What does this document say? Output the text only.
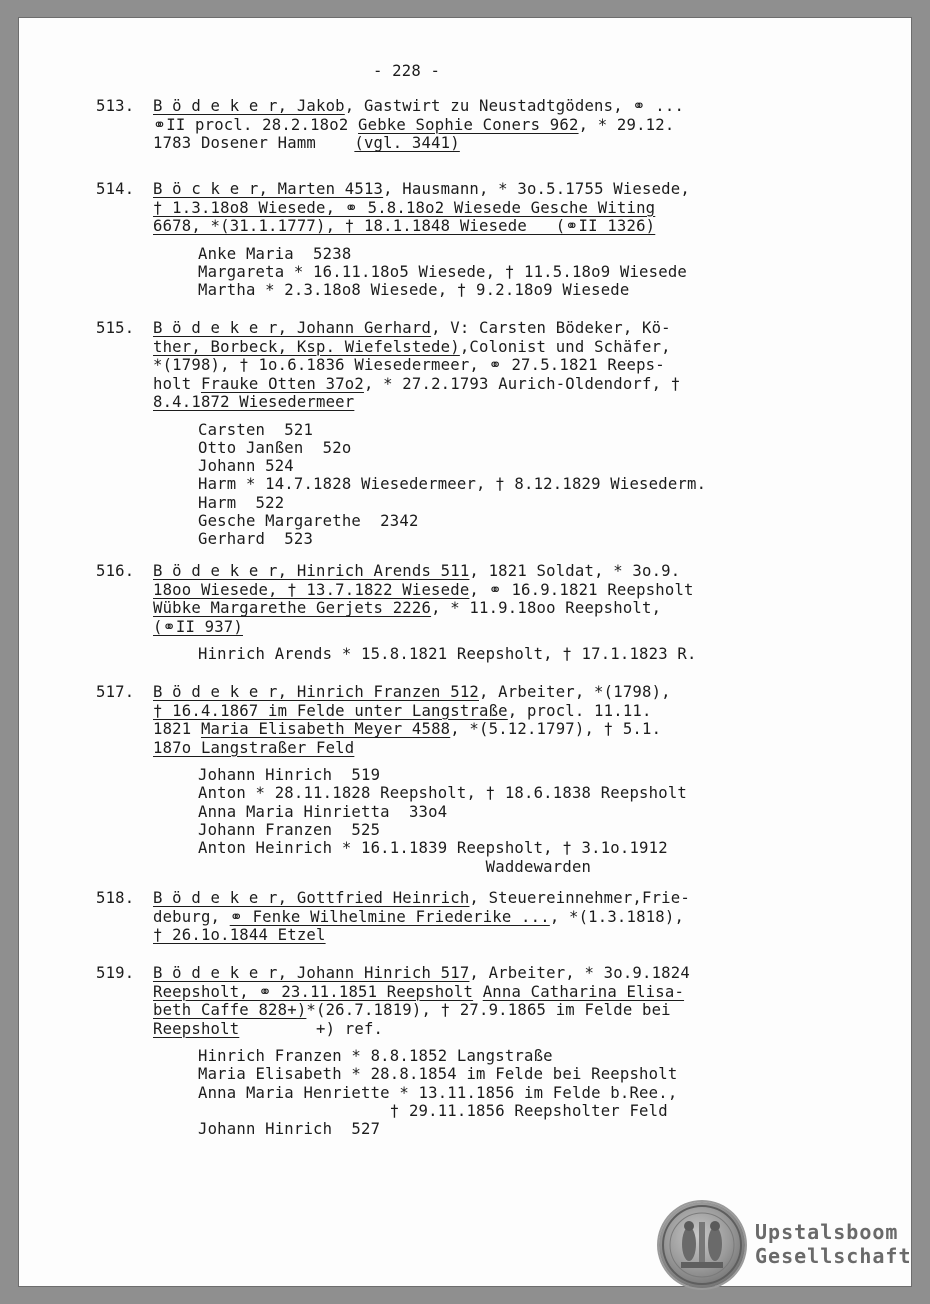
- 228 -
513. B ö d e k e r, Jakob, Gastwirt zu Neustadtgödens, ⚭ ...
⚭II procl. 28.2.18o2 Gebke Sophie Coners 962, * 29.12.
1783 Dosener Hamm    (vgl. 3441)
514. B ö c k e r, Marten 4513, Hausmann, * 3o.5.1755 Wiesede,
† 1.3.18o8 Wiesede, ⚭ 5.8.18o2 Wiesede Gesche Witing
6678, *(31.1.1777), † 18.1.1848 Wiesede   (⚭II 1326)
Anke Maria  5238
Margareta * 16.11.18o5 Wiesede, † 11.5.18o9 Wiesede
Martha * 2.3.18o8 Wiesede, † 9.2.18o9 Wiesede
515. B ö d e k e r, Johann Gerhard, V: Carsten Bödeker, Kö-
ther, Borbeck, Ksp. Wiefelstede),Colonist und Schäfer,
*(1798), † 1o.6.1836 Wiesedermeer, ⚭ 27.5.1821 Reeps-
holt Frauke Otten 37o2, * 27.2.1793 Aurich-Oldendorf, †
8.4.1872 Wiesedermeer
Carsten  521
Otto Janßen  52o
Johann 524
Harm * 14.7.1828 Wiesedermeer, † 8.12.1829 Wiesederm.
Harm  522
Gesche Margarethe  2342
Gerhard  523
516. B ö d e k e r, Hinrich Arends 511, 1821 Soldat, * 3o.9.
18oo Wiesede, † 13.7.1822 Wiesede, ⚭ 16.9.1821 Reepsholt
Wübke Margarethe Gerjets 2226, * 11.9.18oo Reepsholt,
(⚭II 937)
Hinrich Arends * 15.8.1821 Reepsholt, † 17.1.1823 R.
517. B ö d e k e r, Hinrich Franzen 512, Arbeiter, *(1798),
† 16.4.1867 im Felde unter Langstraße, procl. 11.11.
1821 Maria Elisabeth Meyer 4588, *(5.12.1797), † 5.1.
187o Langstraßer Feld
Johann Hinrich  519
Anton * 28.11.1828 Reepsholt, † 18.6.1838 Reepsholt
Anna Maria Hinrietta  33o4
Johann Franzen  525
Anton Heinrich * 16.1.1839 Reepsholt, † 3.1o.1912
Waddewarden
518. B ö d e k e r, Gottfried Heinrich, Steuereinnehmer,Frie-
deburg, ⚭ Fenke Wilhelmine Friederike ..., *(1.3.1818),
† 26.1o.1844 Etzel
519. B ö d e k e r, Johann Hinrich 517, Arbeiter, * 3o.9.1824
Reepsholt, ⚭ 23.11.1851 Reepsholt Anna Catharina Elisa-
beth Caffe 828+)*(26.7.1819), † 27.9.1865 im Felde bei
Reepsholt        +) ref.
Hinrich Franzen * 8.8.1852 Langstraße
Maria Elisabeth * 28.8.1854 im Felde bei Reepsholt
Anna Maria Henriette * 13.11.1856 im Felde b.Ree.,
† 29.11.1856 Reepsholter Feld
Johann Hinrich  527
Upstalsboom
Gesellschaft
